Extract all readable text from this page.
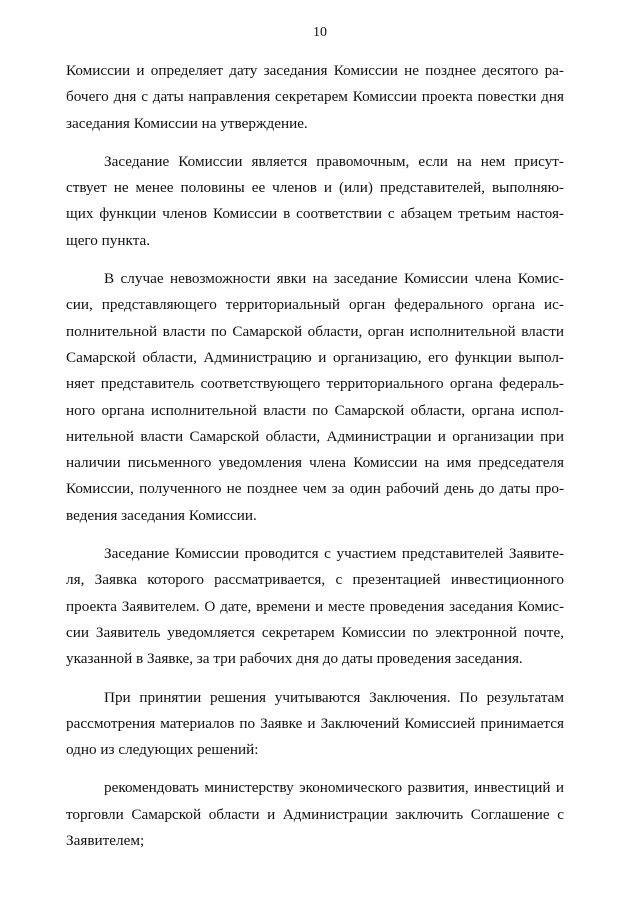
10
Комиссии и определяет дату заседания Комиссии не позднее десятого ра-
бочего дня с даты направления секретарем Комиссии проекта повестки дня
заседания Комиссии на утверждение.
Заседание Комиссии является правомочным, если на нем присут-
ствует не менее половины ее членов и (или) представителей, выполняю-
щих функции членов Комиссии в соответствии с абзацем третьим настоя-
щего пункта.
В случае невозможности явки на заседание Комиссии члена Комис-
сии, представляющего территориальный орган федерального органа ис-
полнительной власти по Самарской области, орган исполнительной власти
Самарской области, Администрацию и организацию, его функции выпол-
няет представитель соответствующего территориального органа федераль-
ного органа исполнительной власти по Самарской области, органа испол-
нительной власти Самарской области, Администрации и организации при
наличии письменного уведомления члена Комиссии на имя председателя
Комиссии, полученного не позднее чем за один рабочий день до даты про-
ведения заседания Комиссии.
Заседание Комиссии проводится с участием представителей Заявите-
ля, Заявка которого рассматривается, с презентацией инвестиционного
проекта Заявителем. О дате, времени и месте проведения заседания Комис-
сии Заявитель уведомляется секретарем Комиссии по электронной почте,
указанной в Заявке, за три рабочих дня до даты проведения заседания.
При принятии решения учитываются Заключения. По результатам
рассмотрения материалов по Заявке и Заключений Комиссией принимается
одно из следующих решений:
рекомендовать министерству экономического развития, инвестиций и
торговли Самарской области и Администрации заключить Соглашение с
Заявителем;
